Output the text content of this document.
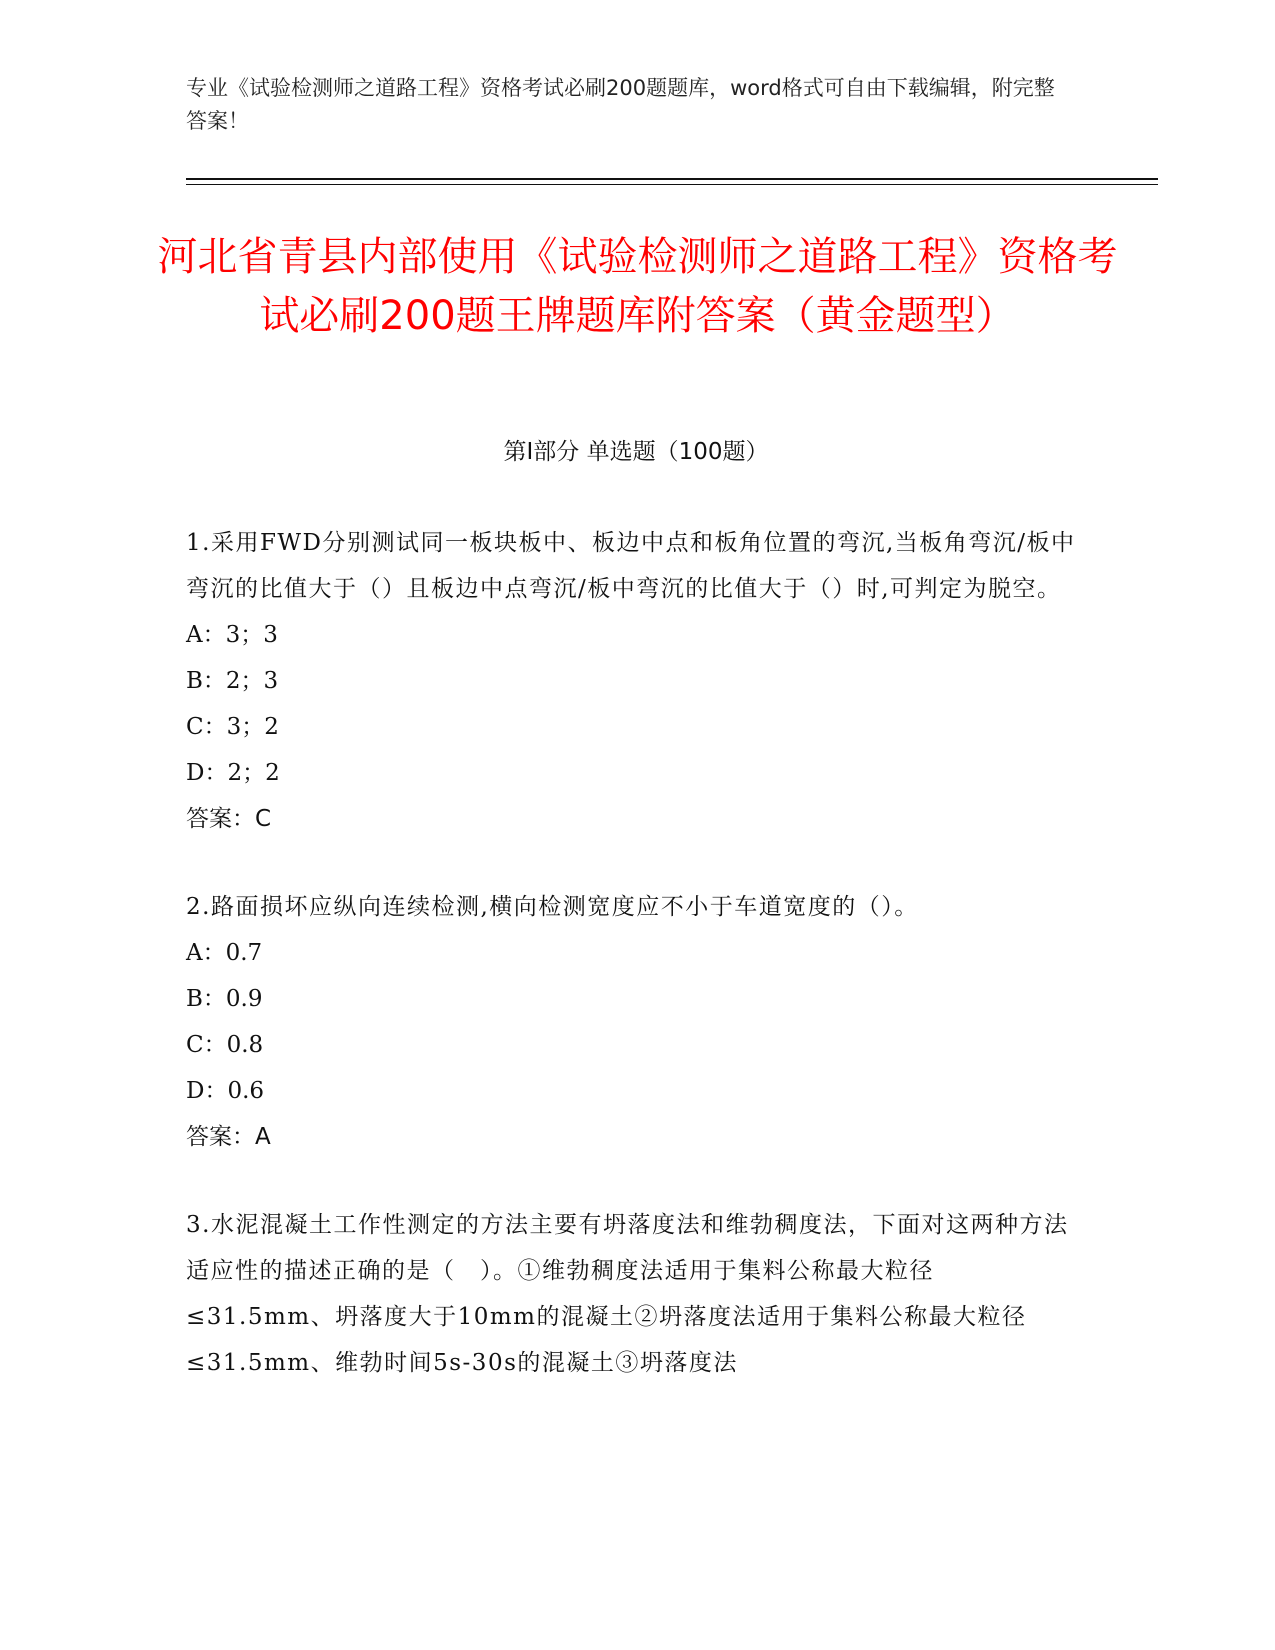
专业《试验检测师之道路工程》资格考试必刷200题题库，word格式可自由下载编辑，附完整答案！
河北省青县内部使用《试验检测师之道路工程》资格考试必刷200题王牌题库附答案（黄金题型）
第Ⅰ部分 单选题（100题）
1.采用FWD分别测试同一板块板中、板边中点和板角位置的弯沉,当板角弯沉/板中弯沉的比值大于（）且板边中点弯沉/板中弯沉的比值大于（）时,可判定为脱空。
A：3；3
B：2；3
C：3；2
D：2；2
答案：C
2.路面损坏应纵向连续检测,横向检测宽度应不小于车道宽度的（）。
A：0.7
B：0.9
C：0.8
D：0.6
答案：A
3.水泥混凝土工作性测定的方法主要有坍落度法和维勃稠度法，下面对这两种方法适应性的描述正确的是（　）。①维勃稠度法适用于集料公称最大粒径≤31.5mm、坍落度大于10mm的混凝土②坍落度法适用于集料公称最大粒径≤31.5mm、维勃时间5s-30s的混凝土③坍落度法
